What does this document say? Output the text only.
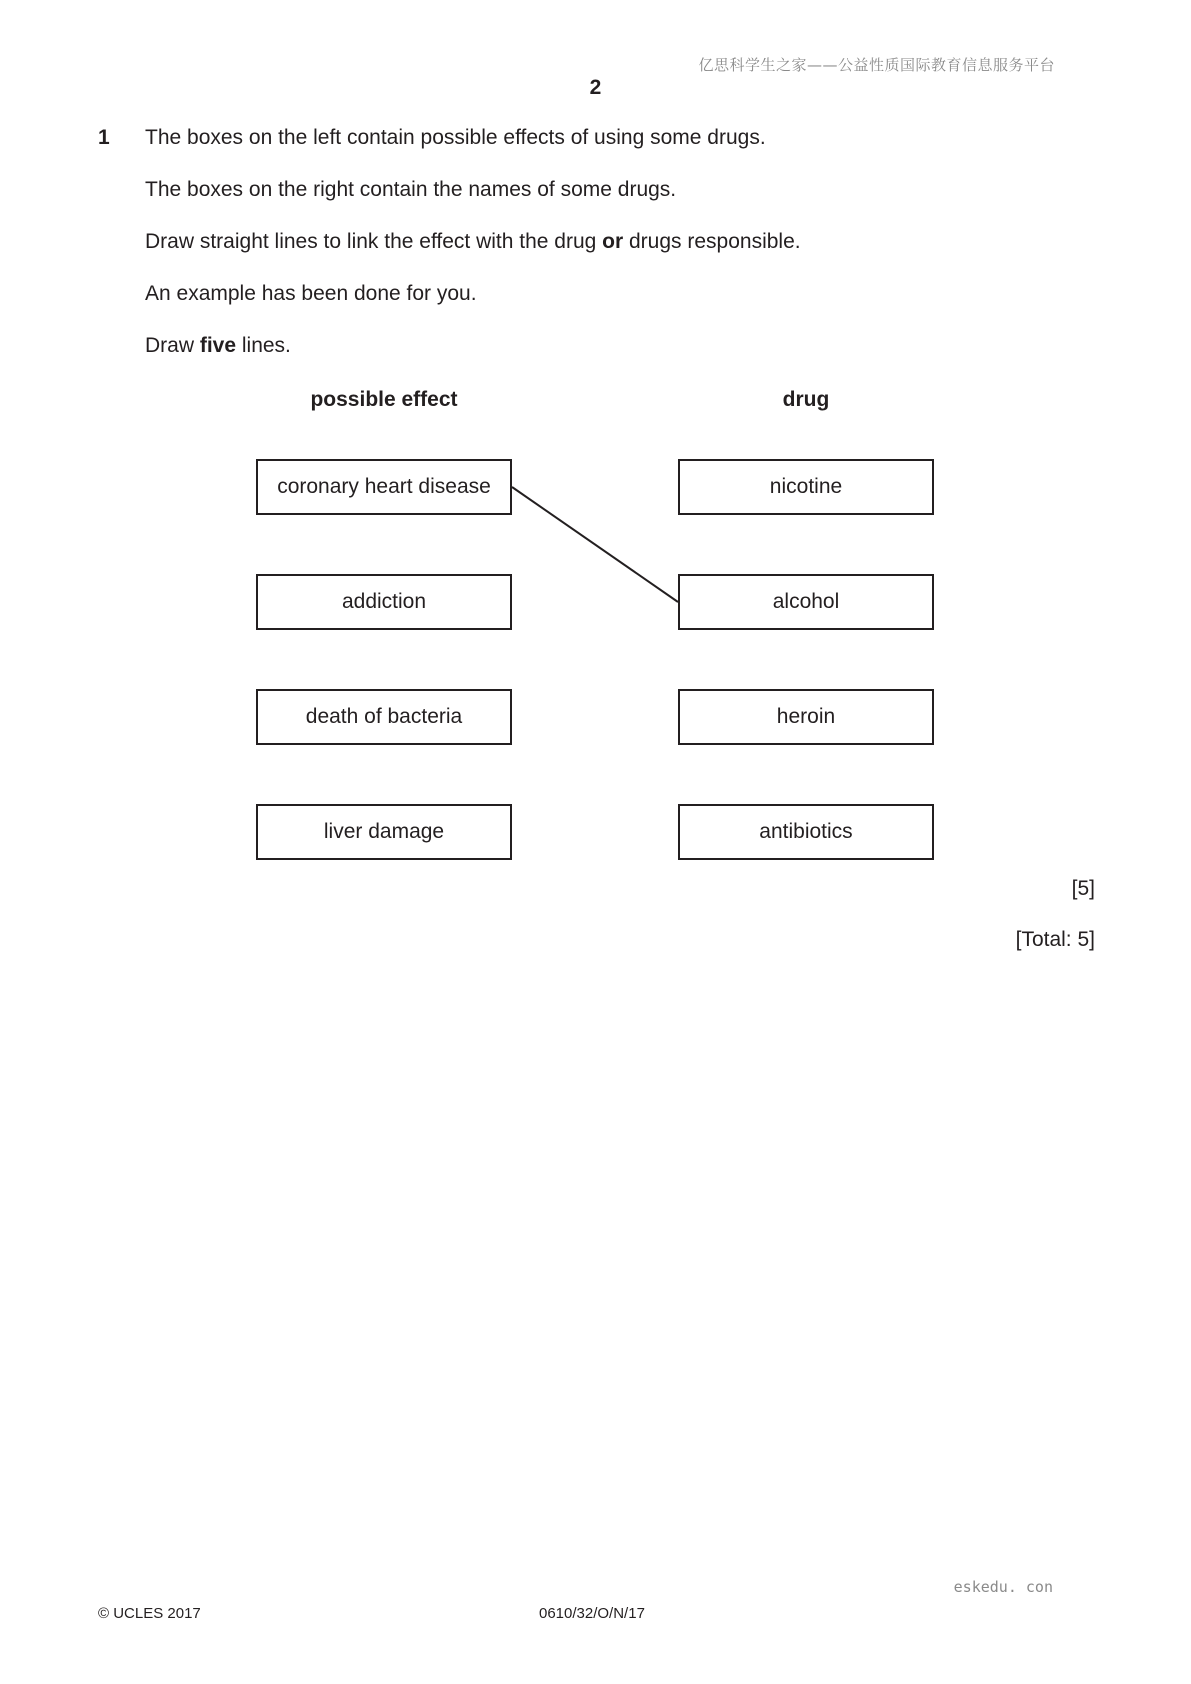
亿思科学生之家——公益性质国际教育信息服务平台
2
1 The boxes on the left contain possible effects of using some drugs.
The boxes on the right contain the names of some drugs.
Draw straight lines to link the effect with the drug or drugs responsible.
An example has been done for you.
Draw five lines.
possible effect	drug
coronary heart disease
addiction
death of bacteria
liver damage
nicotine
alcohol
heroin
antibiotics
[5]
[Total: 5]
eskedu. con
© UCLES 2017	0610/32/O/N/17
